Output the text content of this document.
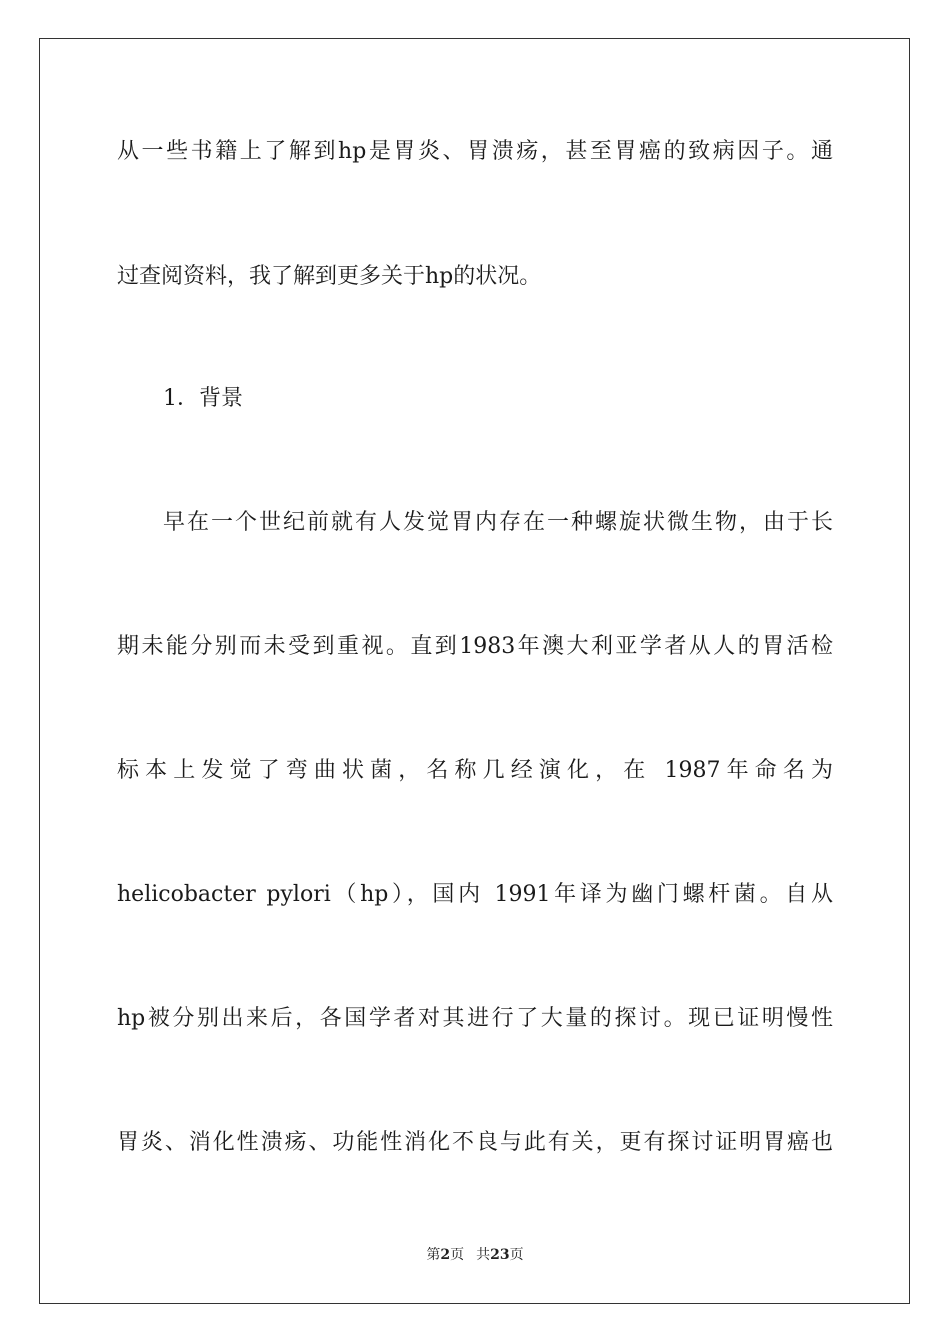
从一些书籍上了解到hp是胃炎、胃溃疡，甚至胃癌的致病因子。通
过查阅资料，我了解到更多关于hp的状况。
1．背景
早在一个世纪前就有人发觉胃内存在一种螺旋状微生物，由于长
期未能分别而未受到重视。直到1983年澳大利亚学者从人的胃活检
标本上发觉了弯曲状菌，名称几经演化，在 1987年命名为
helicobacter pylori（hp），国内 1991年译为幽门螺杆菌。自从
hp被分别出来后，各国学者对其进行了大量的探讨。现已证明慢性
胃炎、消化性溃疡、功能性消化不良与此有关，更有探讨证明胃癌也
第2页 共23页
